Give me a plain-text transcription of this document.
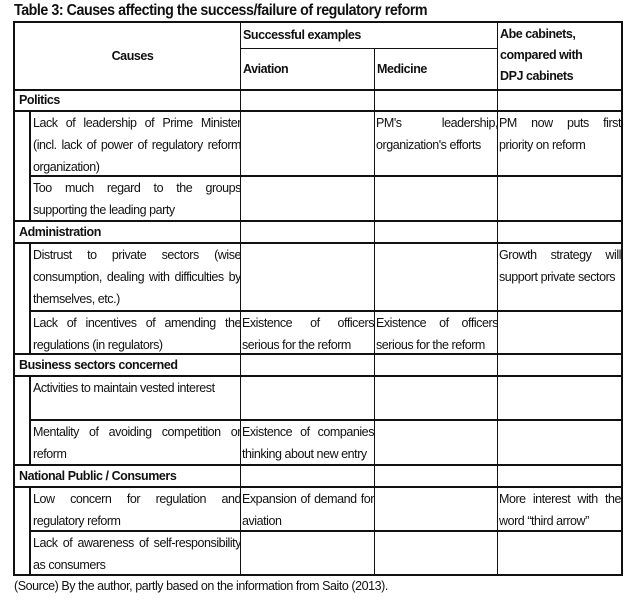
Table 3: Causes affecting the success/failure of regulatory reform
Causes
Successful examples
Aviation	Medicine
Abe cabinets,
compared with
DPJ cabinets
Politics
Lack of leadership of Prime Minister (incl. lack of power of regulatory reform organization)
PM's leadership, organization's efforts
PM now puts first priority on reform
Too much regard to the groups supporting the leading party
Administration
Distrust to private sectors (wise consumption, dealing with difficulties by themselves, etc.)
Growth strategy will support private sectors
Lack of incentives of amending the regulations (in regulators)
Existence of officers serious for the reform
Existence of officers serious for the reform
Business sectors concerned
Activities to maintain vested interest
Mentality of avoiding competition or reform
Existence of companies thinking about new entry
National Public / Consumers
Low concern for regulation and regulatory reform
Expansion of demand for aviation
More interest with the word “third arrow”
Lack of awareness of self-responsibility as consumers
(Source) By the author, partly based on the information from Saito (2013).
